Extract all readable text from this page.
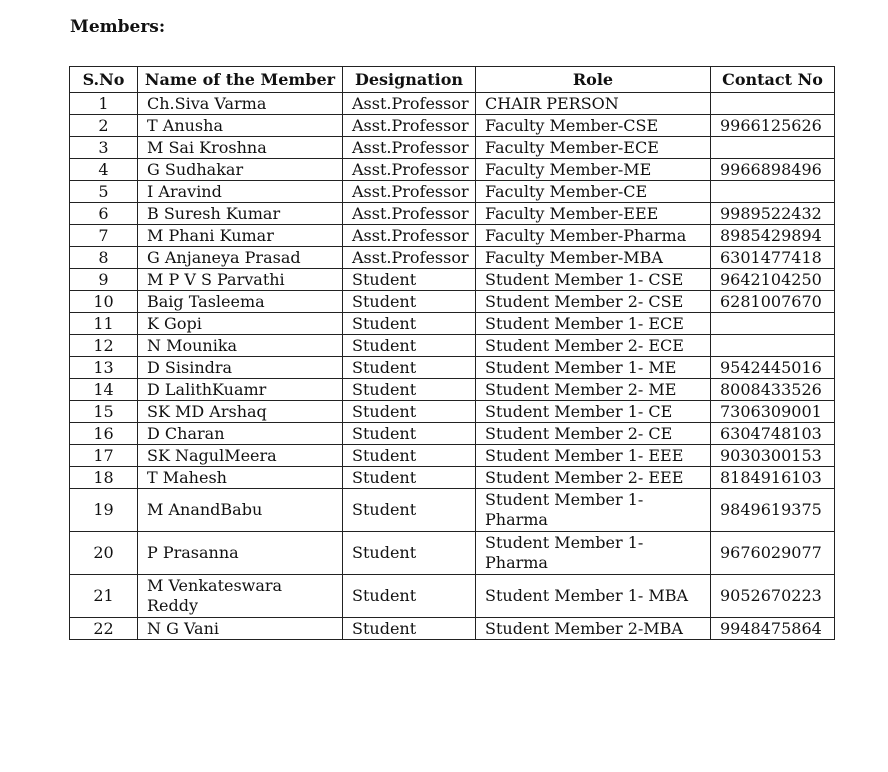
Members:
S.No	Name of the Member	Designation	Role	Contact No
1	Ch.Siva Varma	Asst.Professor	CHAIR PERSON	
2	T Anusha	Asst.Professor	Faculty Member-CSE	9966125626
3	M Sai Kroshna	Asst.Professor	Faculty Member-ECE	
4	G Sudhakar	Asst.Professor	Faculty Member-ME	9966898496
5	I Aravind	Asst.Professor	Faculty Member-CE	
6	B Suresh Kumar	Asst.Professor	Faculty Member-EEE	9989522432
7	M Phani Kumar	Asst.Professor	Faculty Member-Pharma	8985429894
8	G Anjaneya Prasad	Asst.Professor	Faculty Member-MBA	6301477418
9	M P V S Parvathi	Student	Student Member 1- CSE	9642104250
10	Baig Tasleema	Student	Student Member 2- CSE	6281007670
11	K Gopi	Student	Student Member 1- ECE	
12	N Mounika	Student	Student Member 2- ECE	
13	D Sisindra	Student	Student Member 1- ME	9542445016
14	D LalithKuamr	Student	Student Member 2- ME	8008433526
15	SK MD Arshaq	Student	Student Member 1- CE	7306309001
16	D Charan	Student	Student Member 2- CE	6304748103
17	SK NagulMeera	Student	Student Member 1- EEE	9030300153
18	T Mahesh	Student	Student Member 2- EEE	8184916103
19	M AnandBabu	Student	Student Member 1- Pharma	9849619375
20	P Prasanna	Student	Student Member 1- Pharma	9676029077
21	M Venkateswara Reddy	Student	Student Member 1- MBA	9052670223
22	N G Vani	Student	Student Member 2-MBA	9948475864
